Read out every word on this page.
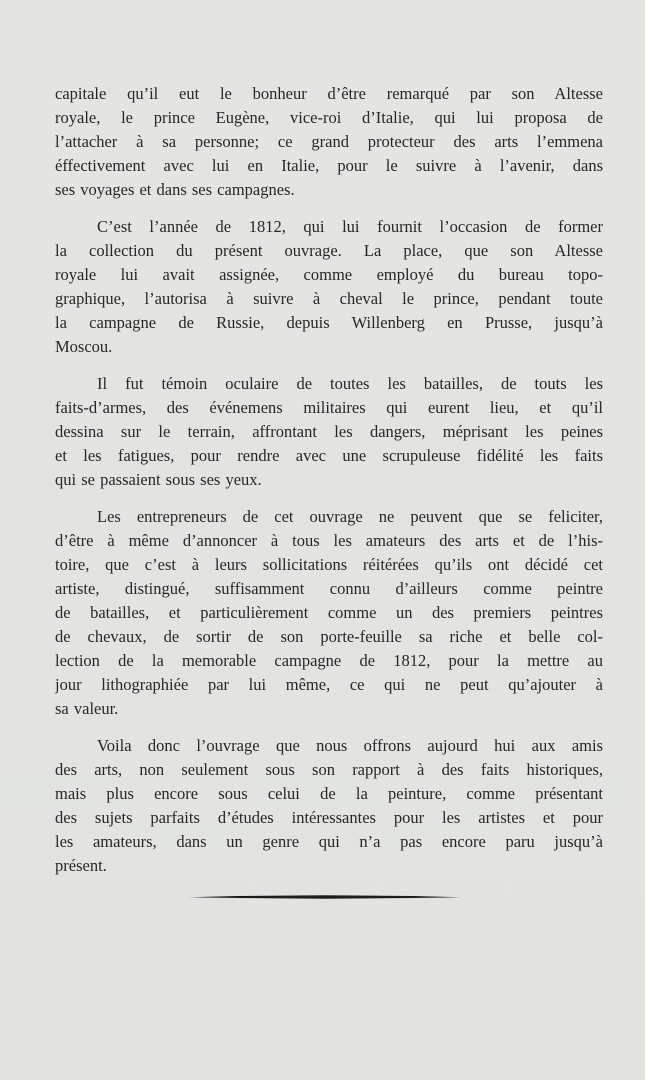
capitale qu’il eut le bonheur d’être remarqué par son Altesse
royale, le prince Eugène, vice-roi d’Italie, qui lui proposa de
l’attacher à sa personne; ce grand protecteur des arts l’emmena
éffectivement avec lui en Italie, pour le suivre à l’avenir, dans
ses voyages et dans ses campagnes.
C’est l’année de 1812, qui lui fournit l’occasion de former
la collection du présent ouvrage. La place, que son Altesse
royale lui avait assignée, comme employé du bureau topo-
graphique, l’autorisa à suivre à cheval le prince, pendant toute
la campagne de Russie, depuis Willenberg en Prusse, jusqu’à
Moscou.
Il fut témoin oculaire de toutes les batailles, de touts les
faits-d’armes, des événemens militaires qui eurent lieu, et qu’il
dessina sur le terrain, affrontant les dangers, méprisant les peines
et les fatigues, pour rendre avec une scrupuleuse fidélité les faits
qui se passaient sous ses yeux.
Les entrepreneurs de cet ouvrage ne peuvent que se feliciter,
d’être à même d’annoncer à tous les amateurs des arts et de l’his-
toire, que c’est à leurs sollicitations réitérées qu’ils ont décidé cet
artiste, distingué, suffisamment connu d’ailleurs comme peintre
de batailles, et particulièrement comme un des premiers peintres
de chevaux, de sortir de son porte-feuille sa riche et belle col-
lection de la memorable campagne de 1812, pour la mettre au
jour lithographiée par lui même, ce qui ne peut qu’ajouter à
sa valeur.
Voila donc l’ouvrage que nous offrons aujourd hui aux amis
des arts, non seulement sous son rapport à des faits historiques,
mais plus encore sous celui de la peinture, comme présentant
des sujets parfaits d’études intéressantes pour les artistes et pour
les amateurs, dans un genre qui n’a pas encore paru jusqu’à
présent.
